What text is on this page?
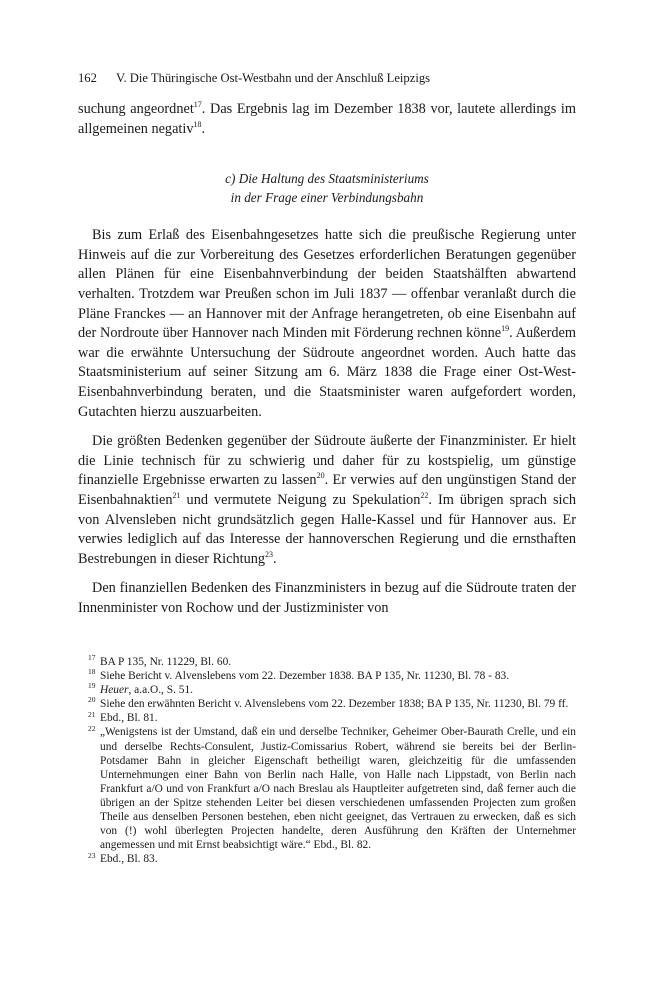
162 V. Die Thüringische Ost-Westbahn und der Anschluß Leipzigs

suchung angeordnet$^{17}$. Das Ergebnis lag im Dezember 1838 vor, lautete allerdings im allgemeinen negativ$^{18}$.

c) Die Haltung des Staatsministeriums
in der Frage einer Verbindungsbahn

Bis zum Erlaß des Eisenbahngesetzes hatte sich die preußische Regierung unter Hinweis auf die zur Vorbereitung des Gesetzes erforderlichen Beratungen gegenüber allen Plänen für eine Eisenbahnverbindung der beiden Staatshälften abwartend verhalten. Trotzdem war Preußen schon im Juli 1837 — offenbar veranlaßt durch die Pläne Franckes — an Hannover mit der Anfrage herangetreten, ob eine Eisenbahn auf der Nordroute über Hannover nach Minden mit Förderung rechnen könne$^{19}$. Außerdem war die erwähnte Untersuchung der Südroute angeordnet worden. Auch hatte das Staatsministerium auf seiner Sitzung am 6. März 1838 die Frage einer Ost-West-Eisenbahnverbindung beraten, und die Staatsminister waren aufgefordert worden, Gutachten hierzu auszuarbeiten.

Die größten Bedenken gegenüber der Südroute äußerte der Finanzminister. Er hielt die Linie technisch für zu schwierig und daher für zu kostspielig, um günstige finanzielle Ergebnisse erwarten zu lassen$^{20}$. Er verwies auf den ungünstigen Stand der Eisenbahnaktien$^{21}$ und vermutete Neigung zu Spekulation$^{22}$. Im übrigen sprach sich von Alvensleben nicht grundsätzlich gegen Halle-Kassel und für Hannover aus. Er verwies lediglich auf das Interesse der hannoverschen Regierung und die ernsthaften Bestrebungen in dieser Richtung$^{23}$.

Den finanziellen Bedenken des Finanzministers in bezug auf die Südroute traten der Innenminister von Rochow und der Justizminister von

17 BA P 135, Nr. 11229, Bl. 60.

18 Siehe Bericht v. Alvenslebens vom 22. Dezember 1838. BA P 135, Nr. 11230, Bl. 78 - 83.

19 Heuer, a.a.O., S. 51.

20 Siehe den erwähnten Bericht v. Alvenslebens vom 22. Dezember 1838; BA P 135, Nr. 11230, Bl. 79 ff.

21 Ebd., Bl. 81.

22 „Wenigstens ist der Umstand, daß ein und derselbe Techniker, Geheimer Ober-Baurath Crelle, und ein und derselbe Rechts-Consulent, Justiz-Comissarius Robert, während sie bereits bei der Berlin-Potsdamer Bahn in gleicher Eigenschaft betheiligt waren, gleichzeitig für die umfassenden Unternehmungen einer Bahn von Berlin nach Halle, von Halle nach Lippstadt, von Berlin nach Frankfurt a/O und von Frankfurt a/O nach Breslau als Hauptleiter aufgetreten sind, daß ferner auch die übrigen an der Spitze stehenden Leiter bei diesen verschiedenen umfassenden Projecten zum großen Theile aus denselben Personen bestehen, eben nicht geeignet, das Vertrauen zu erwecken, daß es sich von (!) wohl überlegten Projecten handelte, deren Ausführung den Kräften der Unternehmer angemessen und mit Ernst beabsichtigt wäre.“ Ebd., Bl. 82.

23 Ebd., Bl. 83.
